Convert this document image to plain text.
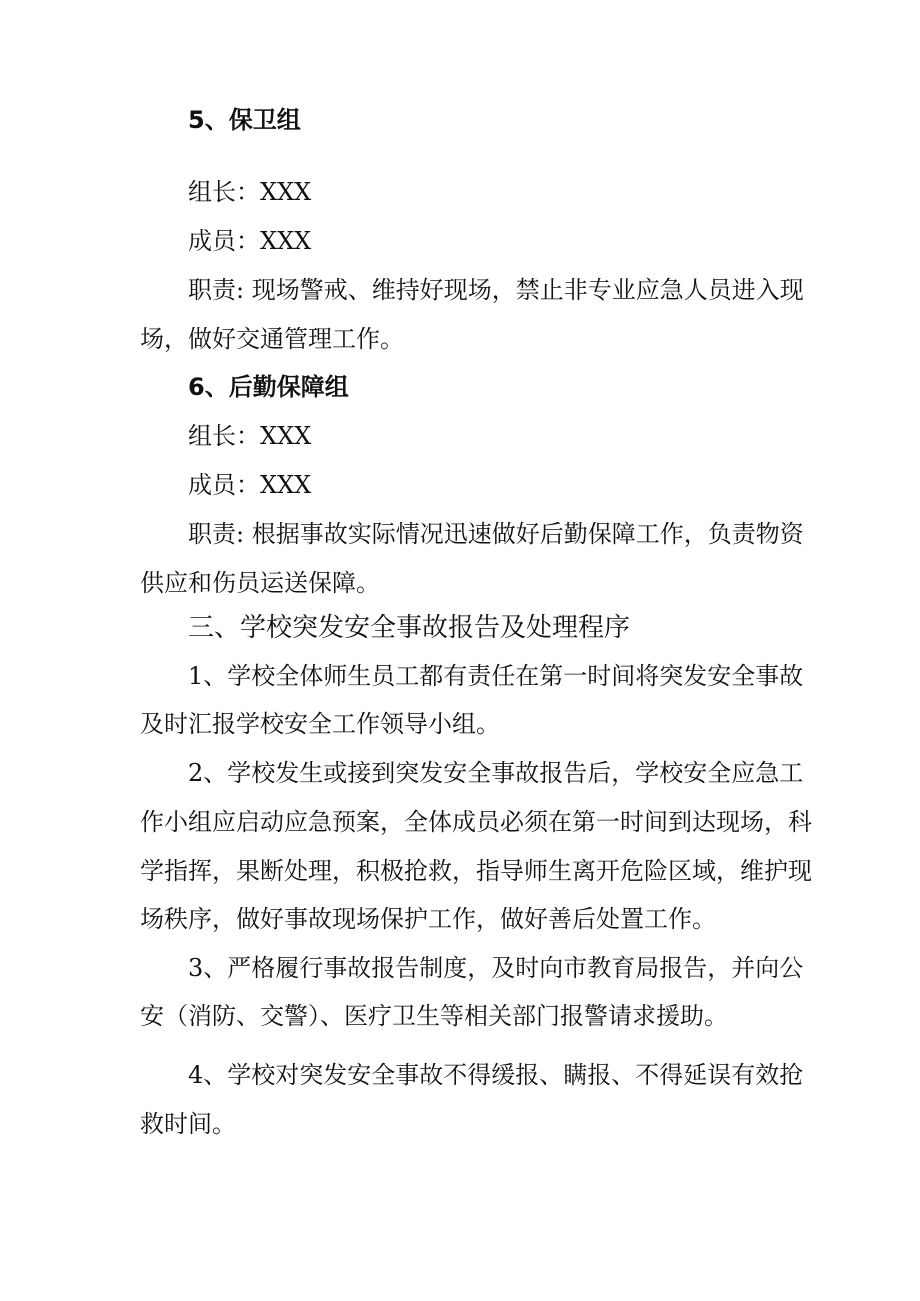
5、保卫组
组长：XXX
成员：XXX
职责: 现场警戒、维持好现场，禁止非专业应急人员进入现
场，做好交通管理工作。
6、后勤保障组
组长：XXX
成员：XXX
职责: 根据事故实际情况迅速做好后勤保障工作，负责物资
供应和伤员运送保障。
三、学校突发安全事故报告及处理程序
1、学校全体师生员工都有责任在第一时间将突发安全事故
及时汇报学校安全工作领导小组。
2、学校发生或接到突发安全事故报告后，学校安全应急工
作小组应启动应急预案，全体成员必须在第一时间到达现场，科
学指挥，果断处理，积极抢救，指导师生离开危险区域，维护现
场秩序，做好事故现场保护工作，做好善后处置工作。
3、严格履行事故报告制度，及时向市教育局报告，并向公
安（消防、交警）、医疗卫生等相关部门报警请求援助。
4、学校对突发安全事故不得缓报、瞒报、不得延误有效抢
救时间。
